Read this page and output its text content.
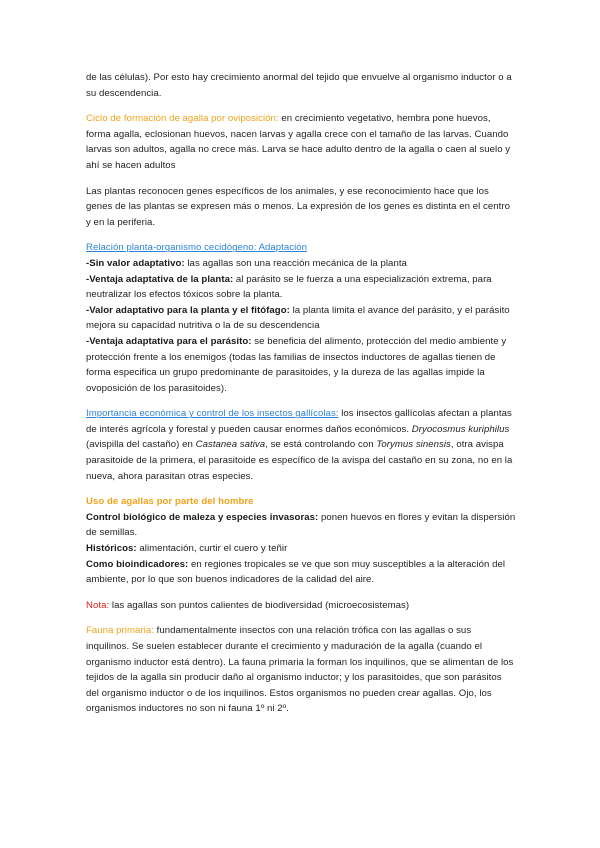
de las células). Por esto hay crecimiento anormal del tejido que envuelve al organismo inductor o a su descendencia.

Ciclo de formación de agalla por oviposición: en crecimiento vegetativo, hembra pone huevos, forma agalla, eclosionan huevos, nacen larvas y agalla crece con el tamaño de las larvas. Cuando larvas son adultos, agalla no crece más. Larva se hace adulto dentro de la agalla o caen al suelo y ahí se hacen adultos

Las plantas reconocen genes específicos de los animales, y ese reconocimiento hace que los genes de las plantas se expresen más o menos. La expresión de los genes es distinta en el centro y en la periferia.

Relación planta-organismo cecidógeno: Adaptación
-Sin valor adaptativo: las agallas son una reacción mecánica de la planta
-Ventaja adaptativa de la planta: al parásito se le fuerza a una especialización extrema, para neutralizar los efectos tóxicos sobre la planta.
-Valor adaptativo para la planta y el fitófago: la planta limita el avance del parásito, y el parásito mejora su capacidad nutritiva o la de su descendencia
-Ventaja adaptativa para el parásito: se beneficia del alimento, protección del medio ambiente y protección frente a los enemigos (todas las familias de insectos inductores de agallas tienen de forma especifica un grupo predominante de parasitoides, y la dureza de las agallas impide la ovoposición de los parasitoides).

Importancia económica y control de los insectos gallícolas: los insectos gallícolas afectan a plantas de interés agrícola y forestal y pueden causar enormes daños económicos. Dryocosmus kuriphilus (avispilla del castaño) en Castanea sativa, se está controlando con Torymus sinensis, otra avispa parasitoide de la primera, el parasitoide es específico de la avispa del castaño en su zona, no en la nueva, ahora parasitan otras especies.

Uso de agallas por parte del hombre
Control biológico de maleza y especies invasoras: ponen huevos en flores y evitan la dispersión de semillas.
Históricos: alimentación, curtir el cuero y teñir
Como bioindicadores: en regiones tropicales se ve que son muy susceptibles a la alteración del ambiente, por lo que son buenos indicadores de la calidad del aire.

Nota: las agallas son puntos calientes de biodiversidad (microecosistemas)

Fauna primaria: fundamentalmente insectos con una relación trófica con las agallas o sus inquilinos. Se suelen establecer durante el crecimiento y maduración de la agalla (cuando el organismo inductor está dentro). La fauna primaria la forman los inquilinos, que se alimentan de los tejidos de la agalla sin producir daño al organismo inductor; y los parasitoides, que son parásitos del organismo inductor o de los inquilinos. Estos organismos no pueden crear agallas. Ojo, los organismos inductores no son ni fauna 1º ni 2º.
